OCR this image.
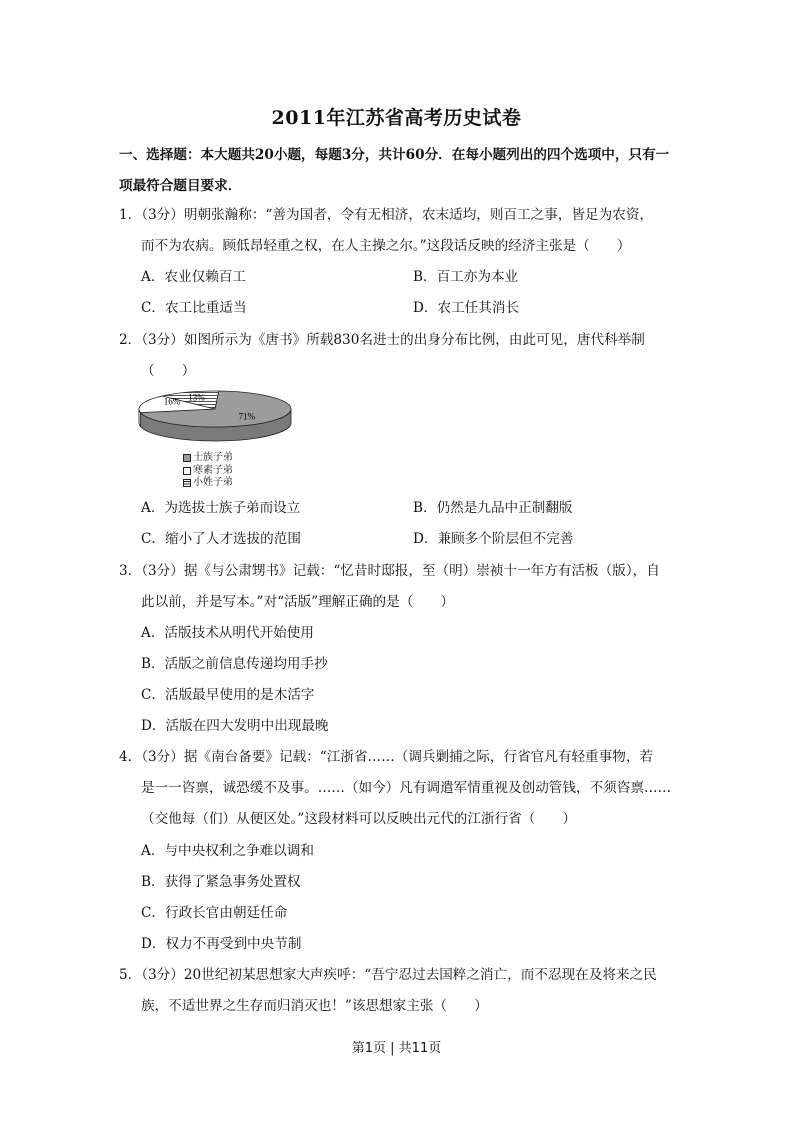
2011年江苏省高考历史试卷
一、选择题：本大题共20小题，每题3分，共计60分．在每小题列出的四个选项中，只有一项最符合题目要求．
1．（3分）明朝张瀚称：“善为国者，令有无相济，农末适均，则百工之事，皆足为农资，
而不为农病。顾低昂轻重之权，在人主操之尔。”这段话反映的经济主张是（　　）
A．农业仅赖百工	B．百工亦为本业
C．农工比重适当	D．农工任其消长
2．（3分）如图所示为《唐书》所载830名进士的出身分布比例，由此可见，唐代科举制
（　　）
71%
16% 13%
士族子弟
寒素子弟
小姓子弟
A．为选拔士族子弟而设立	B．仍然是九品中正制翻版
C．缩小了人才选拔的范围	D．兼顾多个阶层但不完善
3．（3分）据《与公肃甥书》记载：“忆昔时邸报，至（明）崇祯十一年方有活板（版），自
此以前，并是写本。”对“活版”理解正确的是（　　）
A．活版技术从明代开始使用
B．活版之前信息传递均用手抄
C．活版最早使用的是木活字
D．活版在四大发明中出现最晚
4．（3分）据《南台备要》记载：“江浙省……（调兵剿捕之际，行省官凡有轻重事物，若
是一一咨禀，诚恐缓不及事。……（如今）凡有调遣军情重视及创动管钱，不须咨禀……
（交他每（们）从便区处。”这段材料可以反映出元代的江浙行省（　　）
A．与中央权利之争难以调和
B．获得了紧急事务处置权
C．行政长官由朝廷任命
D．权力不再受到中央节制
5．（3分）20世纪初某思想家大声疾呼：“吾宁忍过去国粹之消亡，而不忍现在及将来之民
族，不适世界之生存而归消灭也！”该思想家主张（　　）
第1页 | 共11页
